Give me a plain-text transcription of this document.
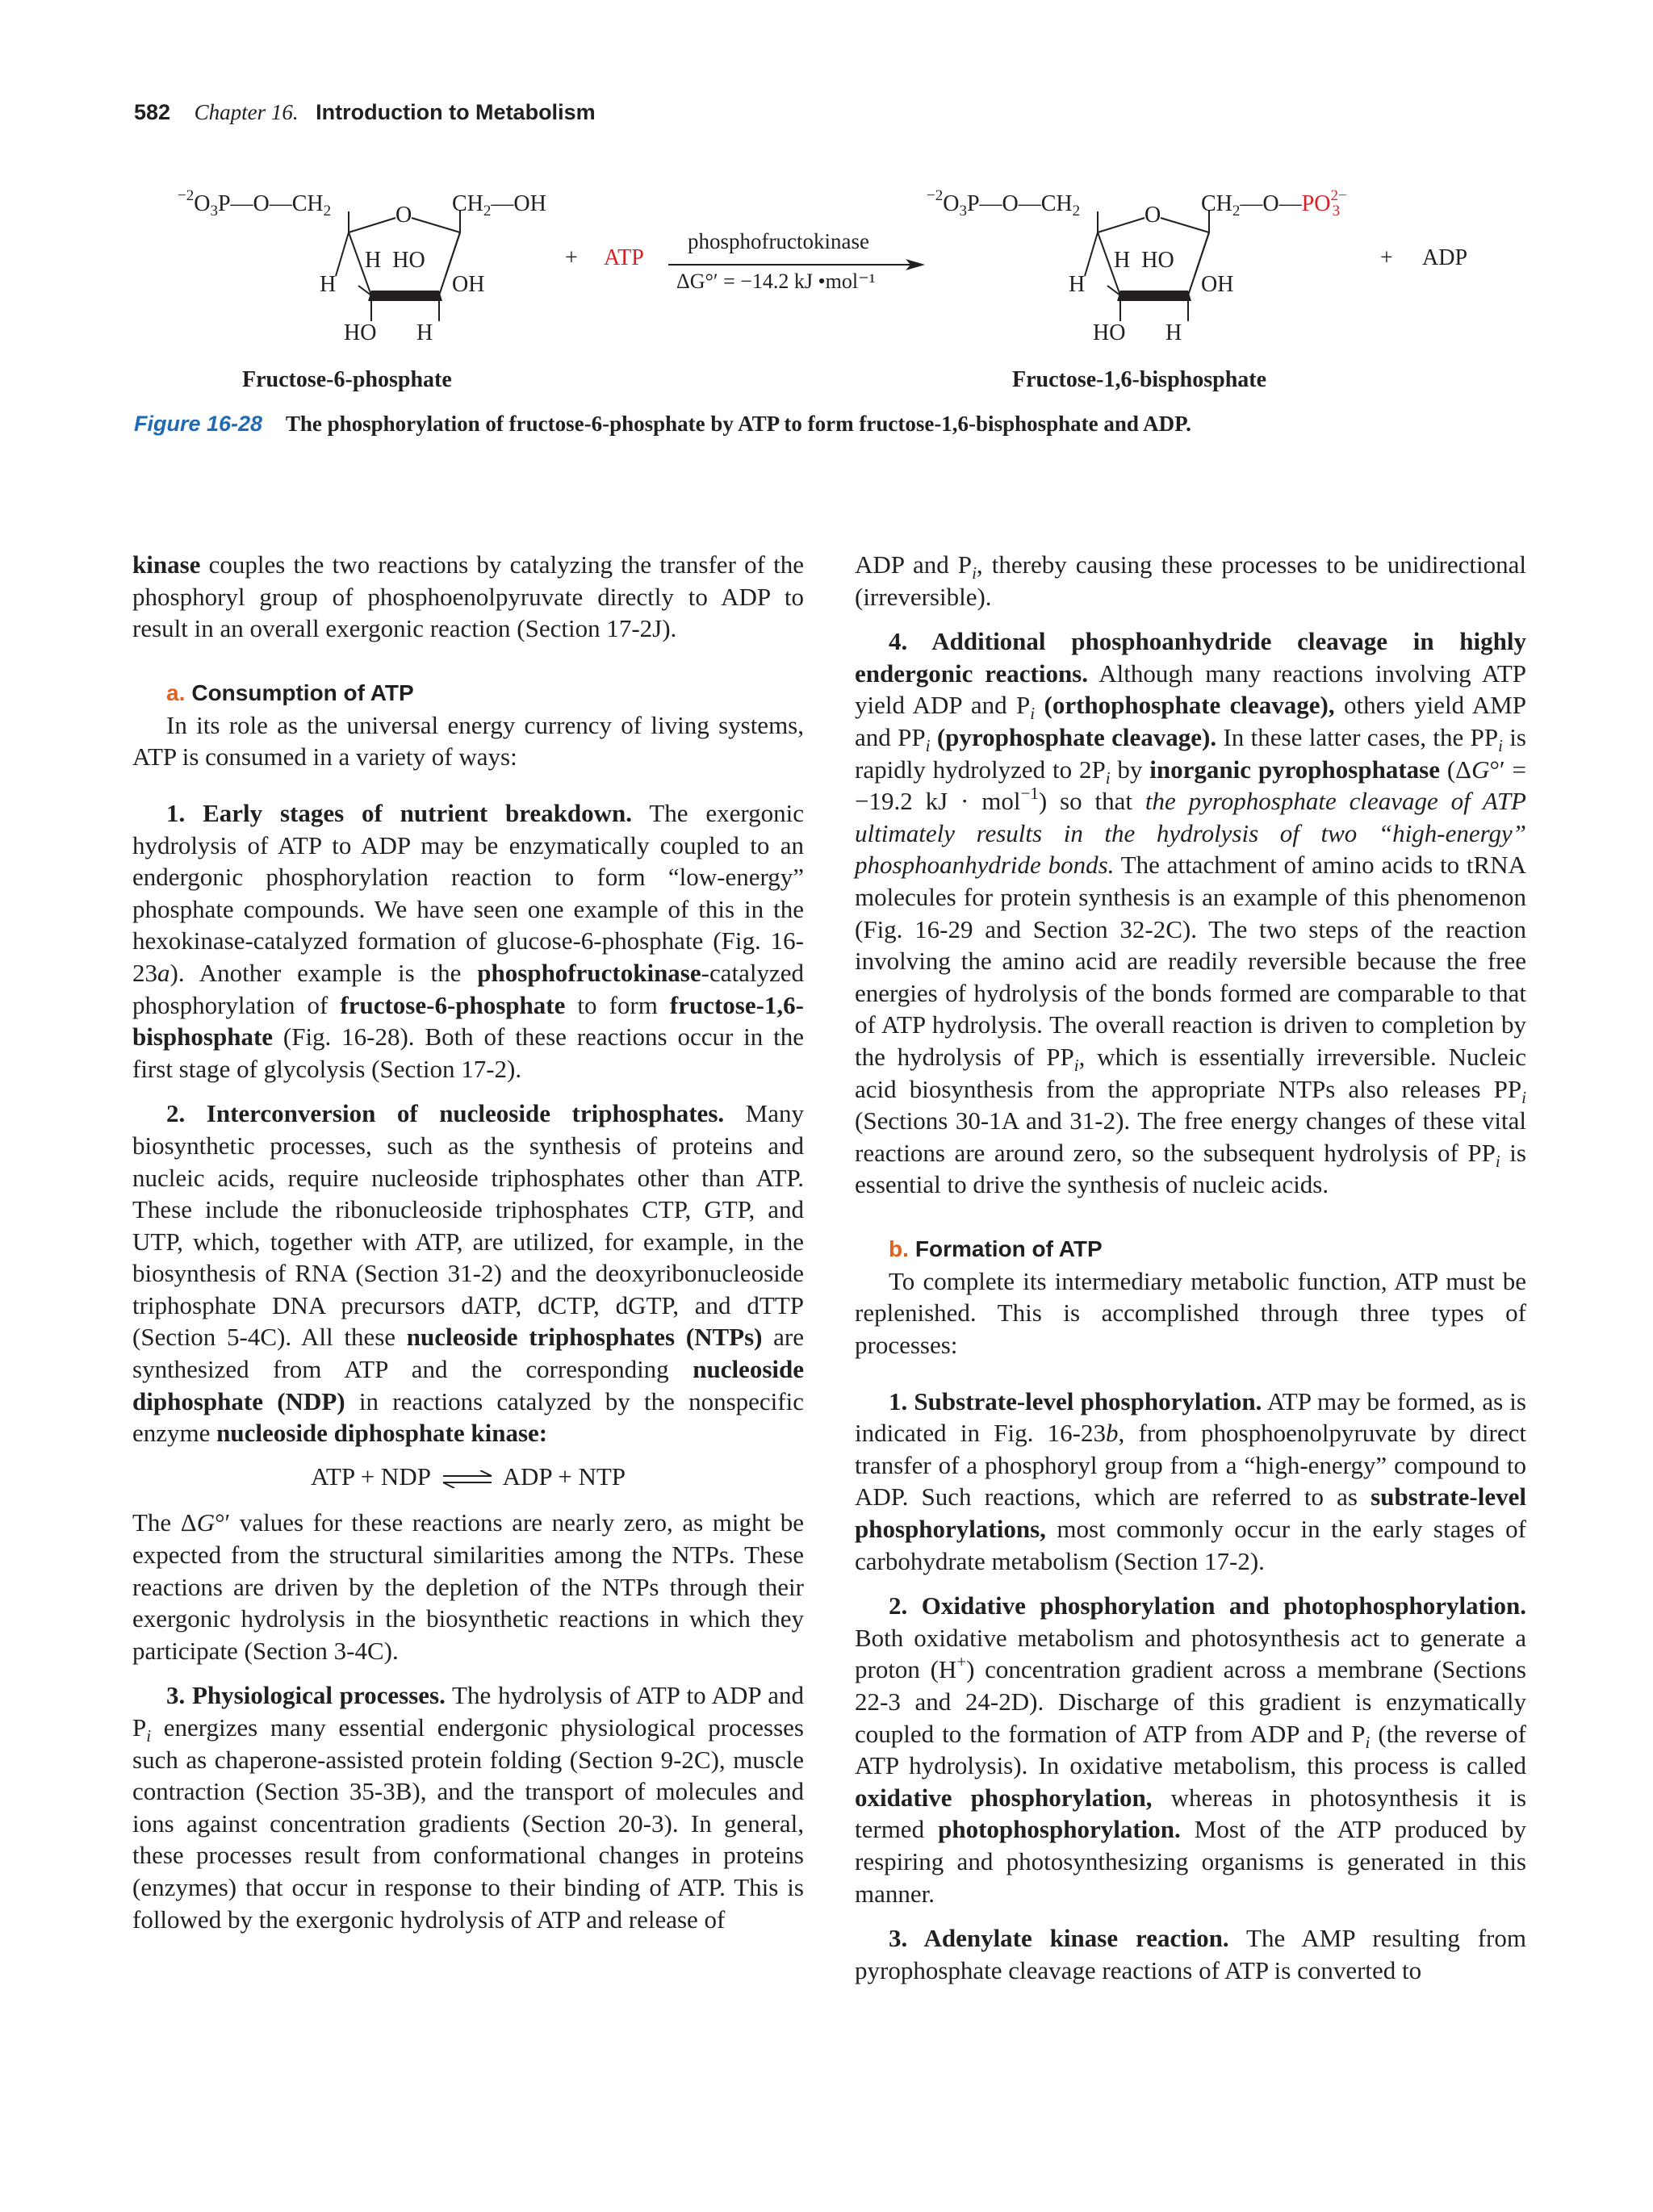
582 Chapter 16. Introduction to Metabolism
$^{-2}O_3P—O—CH_2$	O $CH_2—OH$
H  HO
H	OH
HO H
+ ATP
phosphofructokinase
ΔG°′ = −14.2 kJ •mol⁻¹
$^{-2}O_3P—O—CH_2$	O $CH_2—O—PO^{2-}_3$
H  HO
H	OH
HO H
+ ADP
Fructose-6-phosphate	Fructose-1,6-bisphosphate
Figure 16-28 The phosphorylation of fructose-6-phosphate by ATP to form fructose-1,6-bisphosphate and ADP.

kinase couples the two reactions by catalyzing the transfer of the phosphoryl group of phosphoenolpyruvate directly to ADP to result in an overall exergonic reaction (Section 17-2J).

a. Consumption of ATP

In its role as the universal energy currency of living systems, ATP is consumed in a variety of ways:

1. Early stages of nutrient breakdown. The exergonic hydrolysis of ATP to ADP may be enzymatically coupled to an endergonic phosphorylation reaction to form “low-energy” phosphate compounds. We have seen one example of this in the hexokinase-catalyzed formation of glucose-6-phosphate (Fig. 16-23a). Another example is the phosphofructokinase-catalyzed phosphorylation of fructose-6-phosphate to form fructose-1,6-bisphosphate (Fig. 16-28). Both of these reactions occur in the first stage of glycolysis (Section 17-2).

2. Interconversion of nucleoside triphosphates. Many biosynthetic processes, such as the synthesis of proteins and nucleic acids, require nucleoside triphosphates other than ATP. These include the ribonucleoside triphosphates CTP, GTP, and UTP, which, together with ATP, are utilized, for example, in the biosynthesis of RNA (Section 31-2) and the deoxyribonucleoside triphosphate DNA precursors dATP, dCTP, dGTP, and dTTP (Section 5-4C). All these nucleoside triphosphates (NTPs) are synthesized from ATP and the corresponding nucleoside diphosphate (NDP) in reactions catalyzed by the nonspecific enzyme nucleoside diphosphate kinase:

ATP + NDP ⇌ ADP + NTP

The ΔG°′ values for these reactions are nearly zero, as might be expected from the structural similarities among the NTPs. These reactions are driven by the depletion of the NTPs through their exergonic hydrolysis in the biosynthetic reactions in which they participate (Section 3-4C).

3. Physiological processes. The hydrolysis of ATP to ADP and $P_i$ energizes many essential endergonic physiological processes such as chaperone-assisted protein folding (Section 9-2C), muscle contraction (Section 35-3B), and the transport of molecules and ions against concentration gradients (Section 20-3). In general, these processes result from conformational changes in proteins (enzymes) that occur in response to their binding of ATP. This is followed by the exergonic hydrolysis of ATP and release of

ADP and $P_i$, thereby causing these processes to be unidirectional (irreversible).

4. Additional phosphoanhydride cleavage in highly endergonic reactions. Although many reactions involving ATP yield ADP and $P_i$ (orthophosphate cleavage), others yield AMP and $PP_i$ (pyrophosphate cleavage). In these latter cases, the $PP_i$ is rapidly hydrolyzed to $2P_i$ by inorganic pyrophosphatase (ΔG°′ = −19.2 kJ · mol$^{-1}$) so that the pyrophosphate cleavage of ATP ultimately results in the hydrolysis of two “high-energy” phosphoanhydride bonds. The attachment of amino acids to tRNA molecules for protein synthesis is an example of this phenomenon (Fig. 16-29 and Section 32-2C). The two steps of the reaction involving the amino acid are readily reversible because the free energies of hydrolysis of the bonds formed are comparable to that of ATP hydrolysis. The overall reaction is driven to completion by the hydrolysis of $PP_i$, which is essentially irreversible. Nucleic acid biosynthesis from the appropriate NTPs also releases $PP_i$ (Sections 30-1A and 31-2). The free energy changes of these vital reactions are around zero, so the subsequent hydrolysis of $PP_i$ is essential to drive the synthesis of nucleic acids.

b. Formation of ATP

To complete its intermediary metabolic function, ATP must be replenished. This is accomplished through three types of processes:

1. Substrate-level phosphorylation. ATP may be formed, as is indicated in Fig. 16-23b, from phosphoenolpyruvate by direct transfer of a phosphoryl group from a “high-energy” compound to ADP. Such reactions, which are referred to as substrate-level phosphorylations, most commonly occur in the early stages of carbohydrate metabolism (Section 17-2).

2. Oxidative phosphorylation and photophosphorylation. Both oxidative metabolism and photosynthesis act to generate a proton (H+) concentration gradient across a membrane (Sections 22-3 and 24-2D). Discharge of this gradient is enzymatically coupled to the formation of ATP from ADP and $P_i$ (the reverse of ATP hydrolysis). In oxidative metabolism, this process is called oxidative phosphorylation, whereas in photosynthesis it is termed photophosphorylation. Most of the ATP produced by respiring and photosynthesizing organisms is generated in this manner.

3. Adenylate kinase reaction. The AMP resulting from pyrophosphate cleavage reactions of ATP is converted to
